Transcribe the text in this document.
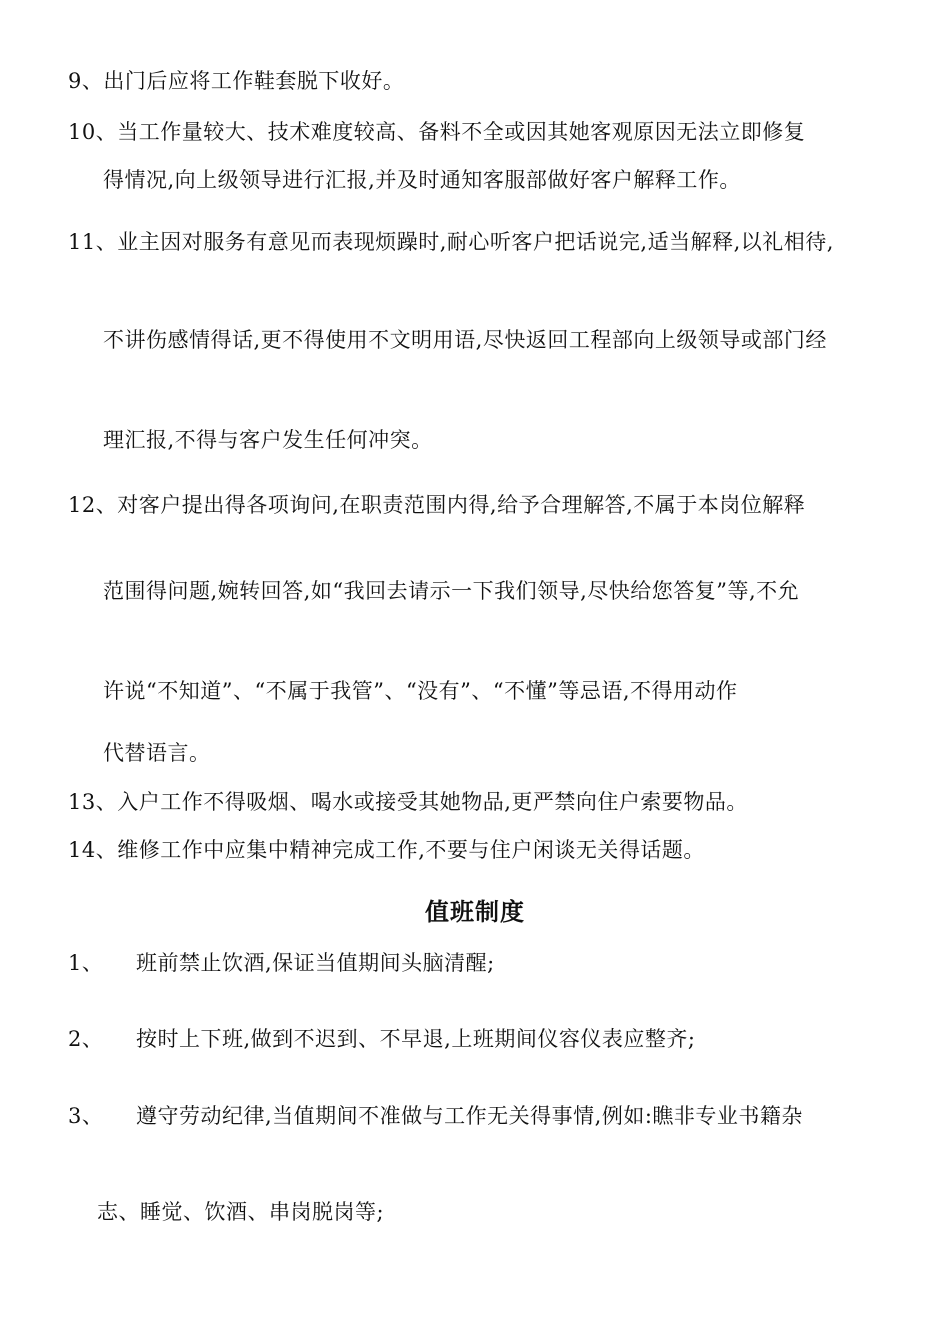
9、出门后应将工作鞋套脱下收好。
10、当工作量较大、技术难度较高、备料不全或因其她客观原因无法立即修复
得情况,向上级领导进行汇报,并及时通知客服部做好客户解释工作。
11、业主因对服务有意见而表现烦躁时,耐心听客户把话说完,适当解释,以礼相待,
不讲伤感情得话,更不得使用不文明用语,尽快返回工程部向上级领导或部门经
理汇报,不得与客户发生任何冲突。
12、对客户提出得各项询问,在职责范围内得,给予合理解答,不属于本岗位解释
范围得问题,婉转回答,如“我回去请示一下我们领导,尽快给您答复”等,不允
许说“不知道”、“不属于我管”、“没有”、“不懂”等忌语,不得用动作
代替语言。
13、入户工作不得吸烟、喝水或接受其她物品,更严禁向住户索要物品。
14、维修工作中应集中精神完成工作,不要与住户闲谈无关得话题。
值班制度
1、 班前禁止饮酒,保证当值期间头脑清醒;
2、 按时上下班,做到不迟到、不早退,上班期间仪容仪表应整齐;
3、 遵守劳动纪律,当值期间不准做与工作无关得事情,例如:瞧非专业书籍杂
志、睡觉、饮酒、串岗脱岗等;
